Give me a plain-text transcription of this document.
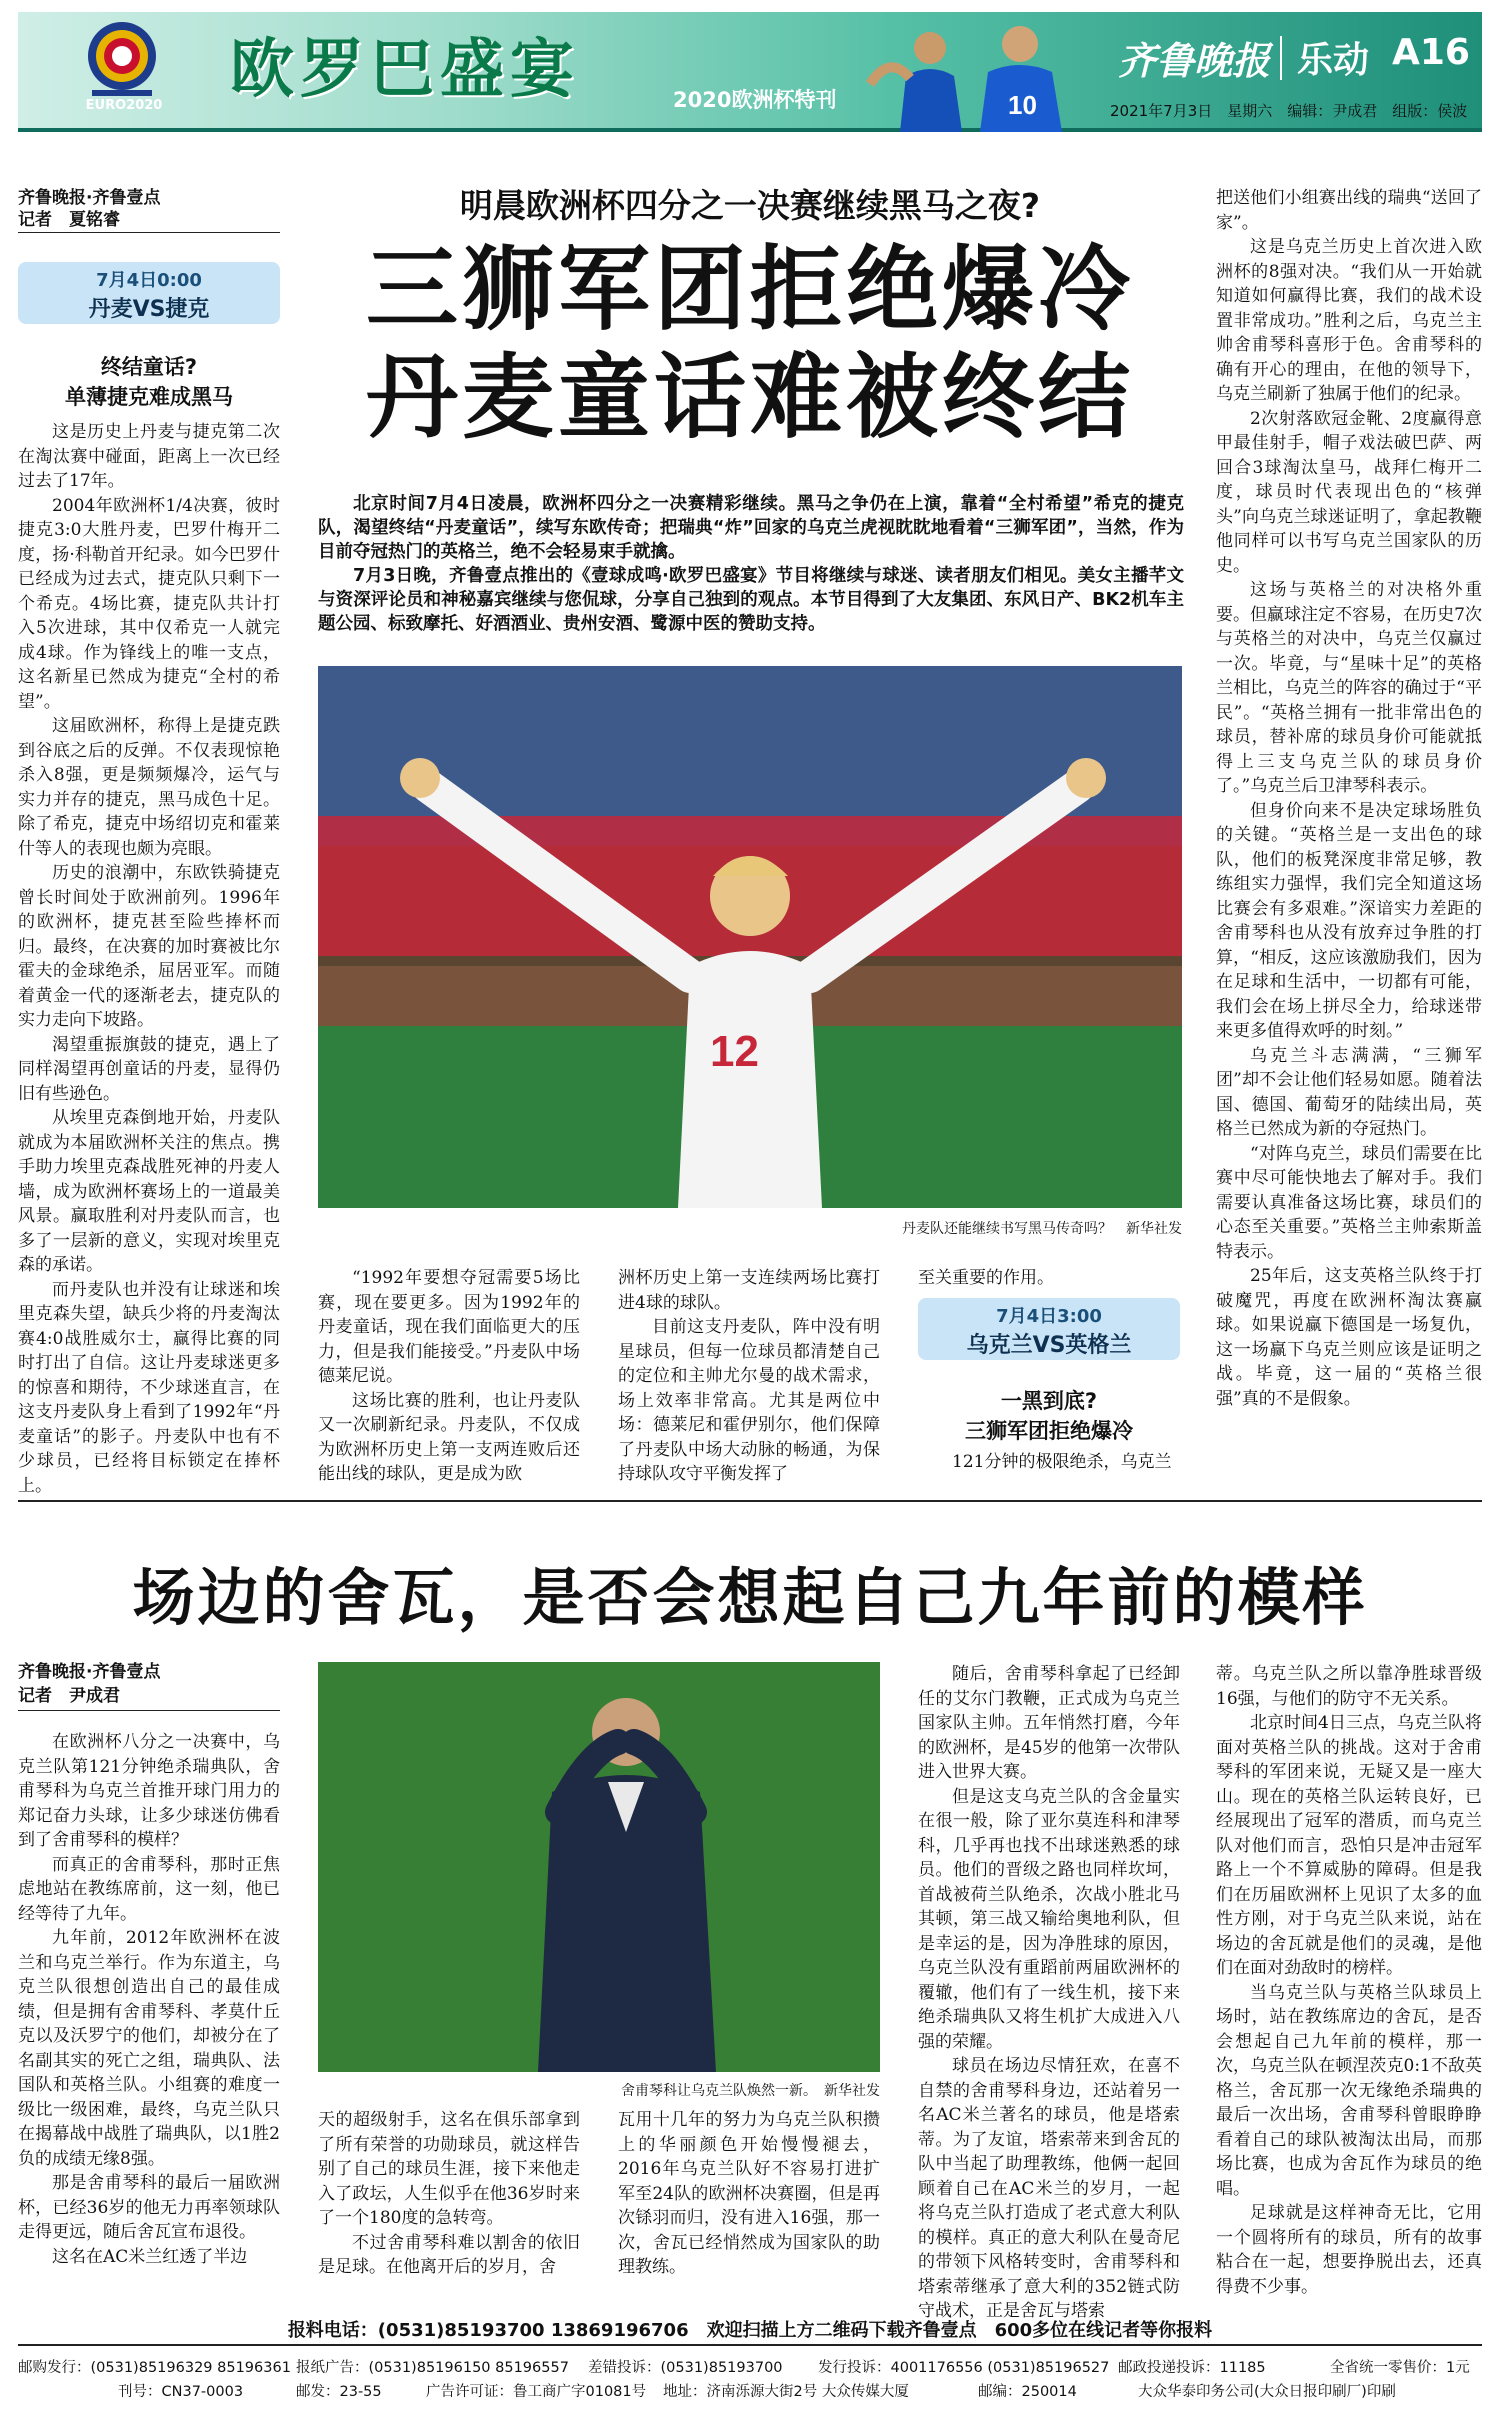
EURO2020 欧罗巴盛宴	2020欧洲杯特刊	10
齐鲁晚报 乐动 A16
2021年7月3日　星期六　编辑：尹成君　组版：侯波
齐鲁晚报·齐鲁壹点
记者　夏铭睿
7月4日0:00
丹麦VS捷克
终结童话?
单薄捷克难成黑马

这是历史上丹麦与捷克第二次在淘汰赛中碰面，距离上一次已经过去了17年。

2004年欧洲杯1/4决赛，彼时捷克3:0大胜丹麦，巴罗什梅开二度，扬·科勒首开纪录。如今巴罗什已经成为过去式，捷克队只剩下一个希克。4场比赛，捷克队共计打入5次进球，其中仅希克一人就完成4球。作为锋线上的唯一支点，这名新星已然成为捷克“全村的希望”。

这届欧洲杯，称得上是捷克跌到谷底之后的反弹。不仅表现惊艳杀入8强，更是频频爆冷，运气与实力并存的捷克，黑马成色十足。除了希克，捷克中场绍切克和霍莱什等人的表现也颇为亮眼。

历史的浪潮中，东欧铁骑捷克曾长时间处于欧洲前列。1996年的欧洲杯，捷克甚至险些捧杯而归。最终，在决赛的加时赛被比尔霍夫的金球绝杀，屈居亚军。而随着黄金一代的逐渐老去，捷克队的实力走向下坡路。

渴望重振旗鼓的捷克，遇上了同样渴望再创童话的丹麦，显得仍旧有些逊色。

从埃里克森倒地开始，丹麦队就成为本届欧洲杯关注的焦点。携手助力埃里克森战胜死神的丹麦人墙，成为欧洲杯赛场上的一道最美风景。赢取胜利对丹麦队而言，也多了一层新的意义，实现对埃里克森的承诺。

而丹麦队也并没有让球迷和埃里克森失望，缺兵少将的丹麦淘汰赛4:0战胜威尔士，赢得比赛的同时打出了自信。这让丹麦球迷更多的惊喜和期待，不少球迷直言，在这支丹麦队身上看到了1992年“丹麦童话”的影子。丹麦队中也有不少球员，已经将目标锁定在捧杯上。

明晨欧洲杯四分之一决赛继续黑马之夜?
三狮军团拒绝爆冷
丹麦童话难被终结

北京时间7月4日凌晨，欧洲杯四分之一决赛精彩继续。黑马之争仍在上演，靠着“全村希望”希克的捷克队，渴望终结“丹麦童话”，续写东欧传奇；把瑞典“炸”回家的乌克兰虎视眈眈地看着“三狮军团”，当然，作为目前夺冠热门的英格兰，绝不会轻易束手就擒。

7月3日晚，齐鲁壹点推出的《壹球成鸣·欧罗巴盛宴》节目将继续与球迷、读者朋友们相见。美女主播芊文与资深评论员和神秘嘉宾继续与您侃球，分享自己独到的观点。本节目得到了大友集团、东风日产、BK2机车主题公园、标致摩托、好酒酒业、贵州安酒、鹭源中医的赞助支持。

12
丹麦队还能继续书写黑马传奇吗？　新华社发

“1992年要想夺冠需要5场比赛，现在要更多。因为1992年的丹麦童话，现在我们面临更大的压力，但是我们能接受。”丹麦队中场德莱尼说。

这场比赛的胜利，也让丹麦队又一次刷新纪录。丹麦队，不仅成为欧洲杯历史上第一支两连败后还能出线的球队，更是成为欧

洲杯历史上第一支连续两场比赛打进4球的球队。

目前这支丹麦队，阵中没有明星球员，但每一位球员都清楚自己的定位和主帅尤尔曼的战术需求，场上效率非常高。尤其是两位中场：德莱尼和霍伊别尔，他们保障了丹麦队中场大动脉的畅通，为保持球队攻守平衡发挥了

至关重要的作用。

7月4日3:00
乌克兰VS英格兰
一黑到底?
三狮军团拒绝爆冷

121分钟的极限绝杀，乌克兰

把送他们小组赛出线的瑞典“送回了家”。

这是乌克兰历史上首次进入欧洲杯的8强对决。“我们从一开始就知道如何赢得比赛，我们的战术设置非常成功。”胜利之后，乌克兰主帅舍甫琴科喜形于色。舍甫琴科的确有开心的理由，在他的领导下，乌克兰刷新了独属于他们的纪录。

2次射落欧冠金靴、2度赢得意甲最佳射手，帽子戏法破巴萨、两回合3球淘汰皇马，战拜仁梅开二度，球员时代表现出色的“核弹头”向乌克兰球迷证明了，拿起教鞭他同样可以书写乌克兰国家队的历史。

这场与英格兰的对决格外重要。但赢球注定不容易，在历史7次与英格兰的对决中，乌克兰仅赢过一次。毕竟，与“星味十足”的英格兰相比，乌克兰的阵容的确过于“平民”。“英格兰拥有一批非常出色的球员，替补席的球员身价可能就抵得上三支乌克兰队的球员身价了。”乌克兰后卫津琴科表示。

但身价向来不是决定球场胜负的关键。“英格兰是一支出色的球队，他们的板凳深度非常足够，教练组实力强悍，我们完全知道这场比赛会有多艰难。”深谙实力差距的舍甫琴科也从没有放弃过争胜的打算，“相反，这应该激励我们，因为在足球和生活中，一切都有可能，我们会在场上拼尽全力，给球迷带来更多值得欢呼的时刻。”

乌克兰斗志满满，“三狮军团”却不会让他们轻易如愿。随着法国、德国、葡萄牙的陆续出局，英格兰已然成为新的夺冠热门。

“对阵乌克兰，球员们需要在比赛中尽可能快地去了解对手。我们需要认真准备这场比赛，球员们的心态至关重要。”英格兰主帅索斯盖特表示。

25年后，这支英格兰队终于打破魔咒，再度在欧洲杯淘汰赛赢球。如果说赢下德国是一场复仇，这一场赢下乌克兰则应该是证明之战。毕竟，这一届的“英格兰很强”真的不是假象。

场边的舍瓦，是否会想起自己九年前的模样
齐鲁晚报·齐鲁壹点
记者　尹成君

在欧洲杯八分之一决赛中，乌克兰队第121分钟绝杀瑞典队，舍甫琴科为乌克兰首推开球门用力的郑记奋力头球，让多少球迷仿佛看到了舍甫琴科的模样？

而真正的舍甫琴科，那时正焦虑地站在教练席前，这一刻，他已经等待了九年。

九年前，2012年欧洲杯在波兰和乌克兰举行。作为东道主，乌克兰队很想创造出自己的最佳成绩，但是拥有舍甫琴科、孝莫什丘克以及沃罗宁的他们，却被分在了名副其实的死亡之组，瑞典队、法国队和英格兰队。小组赛的难度一级比一级困难，最终，乌克兰队只在揭幕战中战胜了瑞典队，以1胜2负的成绩无缘8强。

那是舍甫琴科的最后一届欧洲杯，已经36岁的他无力再率领球队走得更远，随后舍瓦宣布退役。

这名在AC米兰红透了半边

舍甫琴科让乌克兰队焕然一新。　新华社发

天的超级射手，这名在俱乐部拿到了所有荣誉的功勋球员，就这样告别了自己的球员生涯，接下来他走入了政坛，人生似乎在他36岁时来了一个180度的急转弯。

不过舍甫琴科难以割舍的依旧是足球。在他离开后的岁月，舍

瓦用十几年的努力为乌克兰队积攒上的华丽颜色开始慢慢褪去，2016年乌克兰队好不容易打进扩军至24队的欧洲杯决赛圈，但是再次铩羽而归，没有进入16强，那一次，舍瓦已经悄然成为国家队的助理教练。

随后，舍甫琴科拿起了已经卸任的艾尔门教鞭，正式成为乌克兰国家队主帅。五年悄然打磨，今年的欧洲杯，是45岁的他第一次带队进入世界大赛。

但是这支乌克兰队的含金量实在很一般，除了亚尔莫连科和津琴科，几乎再也找不出球迷熟悉的球员。他们的晋级之路也同样坎坷，首战被荷兰队绝杀，次战小胜北马其顿，第三战又输给奥地利队，但是幸运的是，因为净胜球的原因，乌克兰队没有重蹈前两届欧洲杯的覆辙，他们有了一线生机，接下来绝杀瑞典队又将生机扩大成进入八强的荣耀。

球员在场边尽情狂欢，在喜不自禁的舍甫琴科身边，还站着另一名AC米兰著名的球员，他是塔索蒂。为了友谊，塔索蒂来到舍瓦的队中当起了助理教练，他俩一起回顾着自己在AC米兰的岁月，一起将乌克兰队打造成了老式意大利队的模样。真正的意大利队在曼奇尼的带领下风格转变时，舍甫琴科和塔索蒂继承了意大利的352链式防守战术，正是舍瓦与塔索

蒂。乌克兰队之所以靠净胜球晋级16强，与他们的防守不无关系。

北京时间4日三点，乌克兰队将面对英格兰队的挑战。这对于舍甫琴科的军团来说，无疑又是一座大山。现在的英格兰队运转良好，已经展现出了冠军的潜质，而乌克兰队对他们而言，恐怕只是冲击冠军路上一个不算威胁的障碍。但是我们在历届欧洲杯上见识了太多的血性方刚，对于乌克兰队来说，站在场边的舍瓦就是他们的灵魂，是他们在面对劲敌时的榜样。

当乌克兰队与英格兰队球员上场时，站在教练席边的舍瓦，是否会想起自己九年前的模样，那一次，乌克兰队在顿涅茨克0:1不敌英格兰，舍瓦那一次无缘绝杀瑞典的最后一次出场，舍甫琴科曾眼睁睁看着自己的球队被淘汰出局，而那场比赛，也成为舍瓦作为球员的绝唱。

足球就是这样神奇无比，它用一个圆将所有的球员，所有的故事粘合在一起，想要挣脱出去，还真得费不少事。

报料电话：(0531)85193700 13869196706　欢迎扫描上方二维码下载齐鲁壹点　600多位在线记者等你报料
邮购发行：(0531)85196329 85196361 报纸广告：(0531)85196150 85196557 差错投诉：(0531)85193700 发行投诉：4001176556 (0531)85196527 邮政投递投诉：11185	全省统一零售价：1元
刊号：CN37-0003	邮发：23-55	广告许可证：鲁工商广字01081号 地址：济南泺源大街2号 大众传媒大厦	邮编：250014	大众华泰印务公司(大众日报印刷厂)印刷
